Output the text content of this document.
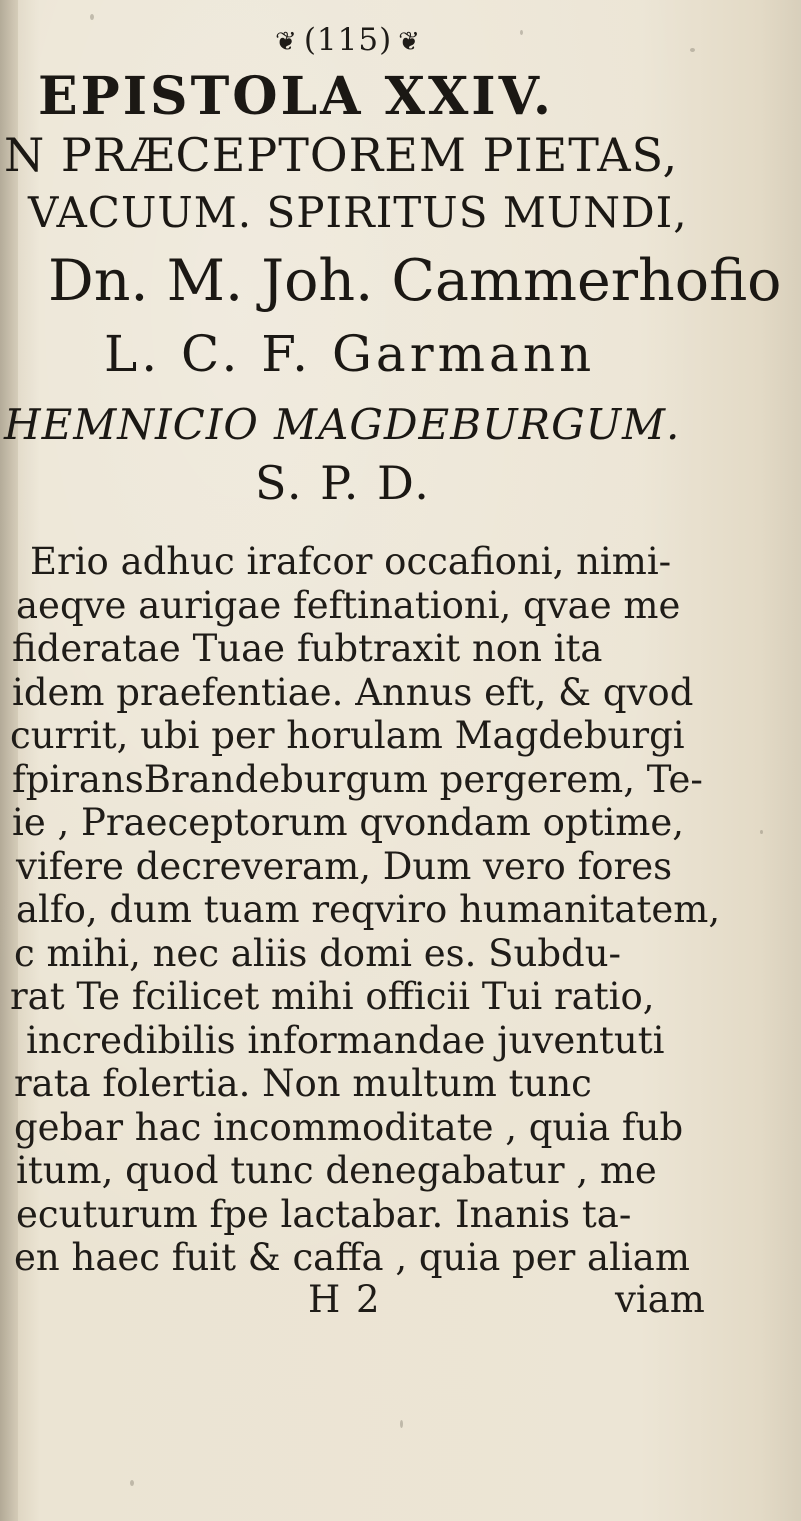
❦ (115) ❦
EPISTOLA XXIV.
N PRÆCEPTOREM PIETAS,
VACUUM. SPIRITUS MUNDI,
Dn. M. Joh. Cammerhofio
L. C. F. Garmann
HEMNICIO MAGDEBURGUM.
S. P. D.
Erio adhuc irafcor occafioni, nimi-
aeqve aurigae feftinationi, qvae me
fideratae Tuae fubtraxit non ita
idem praefentiae. Annus eft, & qvod
currit, ubi per horulam Magdeburgi
fpiransBrandeburgum pergerem, Te-
ie , Praeceptorum qvondam optime,
vifere decreveram, Dum vero fores
alfo, dum tuam reqviro humanitatem,
c mihi, nec aliis domi es. Subdu-
rat Te fcilicet mihi officii Tui ratio,
incredibilis informandae juventuti
rata folertia. Non multum tunc
gebar hac incommoditate , quia fub
itum, quod tunc denegabatur , me
ecuturum fpe lactabar. Inanis ta-
en haec fuit & caffa , quia per aliam
H 2	viam
